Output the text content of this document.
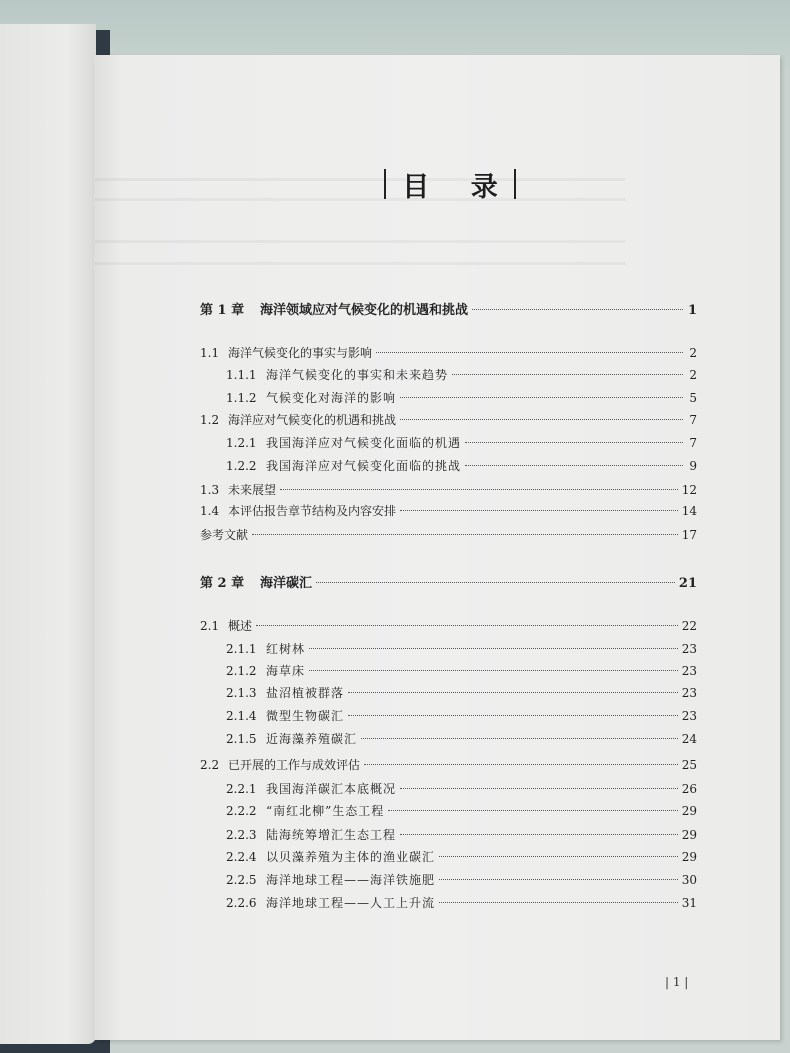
目 录
第 1 章	海洋领域应对气候变化的机遇和挑战	1
1.1 海洋气候变化的事实与影响	2
1.1.1 海洋气候变化的事实和未来趋势	2
1.1.2 气候变化对海洋的影响	5
1.2 海洋应对气候变化的机遇和挑战	7
1.2.1 我国海洋应对气候变化面临的机遇	7
1.2.2 我国海洋应对气候变化面临的挑战	9
1.3 未来展望	12
1.4 本评估报告章节结构及内容安排	14
参考文献	17
第 2 章	海洋碳汇	21
2.1 概述	22
2.1.1 红树林	23
2.1.2 海草床	23
2.1.3 盐沼植被群落	23
2.1.4 微型生物碳汇	23
2.1.5 近海藻养殖碳汇	24
2.2 已开展的工作与成效评估	25
2.2.1 我国海洋碳汇本底概况	26
2.2.2 “南红北柳”生态工程	29
2.2.3 陆海统筹增汇生态工程	29
2.2.4 以贝藻养殖为主体的渔业碳汇	29
2.2.5 海洋地球工程——海洋铁施肥	30
2.2.6 海洋地球工程——人工上升流	31
| 1 |
